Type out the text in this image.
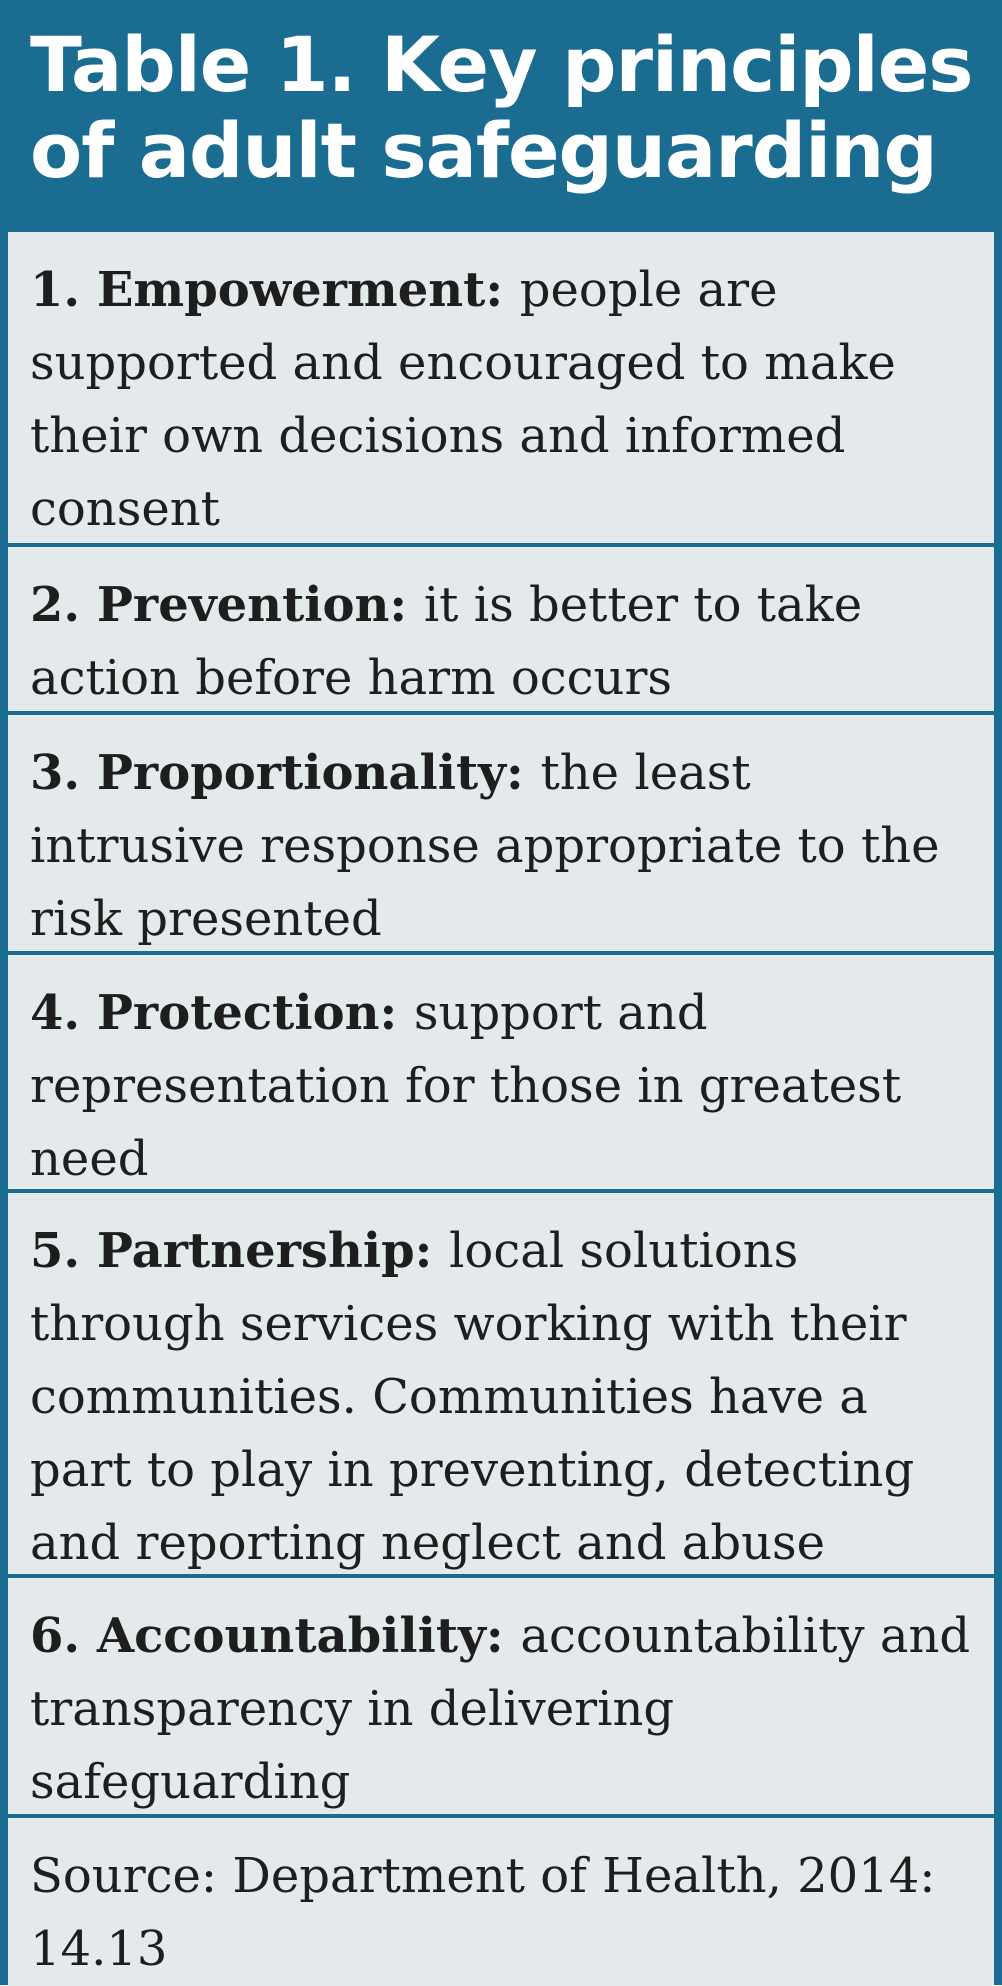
Table 1. Key principles
of adult safeguarding
1. Empowerment: people are supported and encouraged to make their own decisions and informed consent
2. Prevention: it is better to take action before harm occurs
3. Proportionality: the least intrusive response appropriate to the risk presented
4. Protection: support and representation for those in greatest need
5. Partnership: local solutions through services working with their communities. Communities have a part to play in preventing, detecting and reporting neglect and abuse
6. Accountability: accountability and transparency in delivering safeguarding
Source: Department of Health, 2014: 14.13
